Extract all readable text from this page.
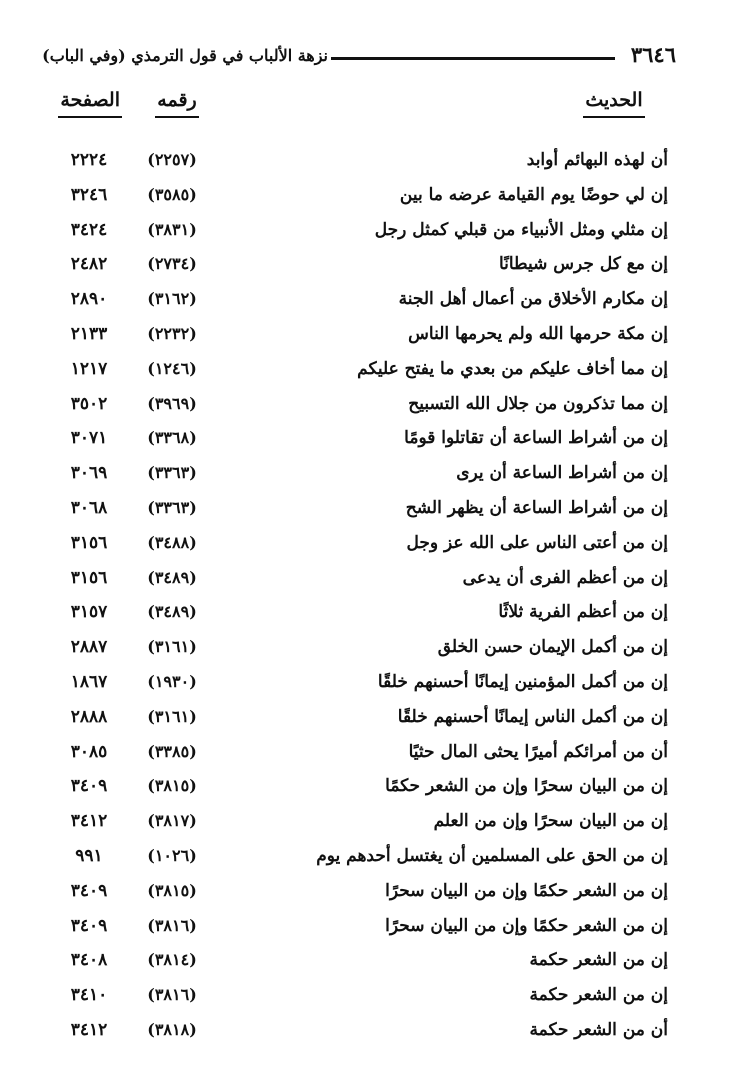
٣٦٤٦
نزهة الألباب في قول الترمذي (وفي الباب)
الحديث
رقمه
الصفحة
أن لهذه البهائم أوابد
(٢٢٥٧)
٢٢٢٤
إن لي حوضًا يوم القيامة عرضه ما بين
(٣٥٨٥)
٣٢٤٦
إن مثلي ومثل الأنبياء من قبلي كمثل رجل
(٣٨٣١)
٣٤٢٤
إن مع كل جرس شيطانًا
(٢٧٣٤)
٢٤٨٢
إن مكارم الأخلاق من أعمال أهل الجنة
(٣١٦٢)
٢٨٩٠
إن مكة حرمها الله ولم يحرمها الناس
(٢٢٣٢)
٢١٣٣
إن مما أخاف عليكم من بعدي ما يفتح عليكم
(١٢٤٦)
١٢١٧
إن مما تذكرون من جلال الله التسبيح
(٣٩٦٩)
٣٥٠٢
إن من أشراط الساعة أن تقاتلوا قومًا
(٣٣٦٨)
٣٠٧١
إن من أشراط الساعة أن يرى
(٣٣٦٣)
٣٠٦٩
إن من أشراط الساعة أن يظهر الشح
(٣٣٦٣)
٣٠٦٨
إن من أعتى الناس على الله عز وجل
(٣٤٨٨)
٣١٥٦
إن من أعظم الفرى أن يدعى
(٣٤٨٩)
٣١٥٦
إن من أعظم الفرية ثلاثًا
(٣٤٨٩)
٣١٥٧
إن من أكمل الإيمان حسن الخلق
(٣١٦١)
٢٨٨٧
إن من أكمل المؤمنين إيمانًا أحسنهم خلقًا
(١٩٣٠)
١٨٦٧
إن من أكمل الناس إيمانًا أحسنهم خلقًا
(٣١٦١)
٢٨٨٨
أن من أمرائكم أميرًا يحثى المال حثيًا
(٣٣٨٥)
٣٠٨٥
إن من البيان سحرًا وإن من الشعر حكمًا
(٣٨١٥)
٣٤٠٩
إن من البيان سحرًا وإن من العلم
(٣٨١٧)
٣٤١٢
إن من الحق على المسلمين أن يغتسل أحدهم يوم
(١٠٢٦)
٩٩١
إن من الشعر حكمًا وإن من البيان سحرًا
(٣٨١٥)
٣٤٠٩
إن من الشعر حكمًا وإن من البيان سحرًا
(٣٨١٦)
٣٤٠٩
إن من الشعر حكمة
(٣٨١٤)
٣٤٠٨
إن من الشعر حكمة
(٣٨١٦)
٣٤١٠
أن من الشعر حكمة
(٣٨١٨)
٣٤١٢
